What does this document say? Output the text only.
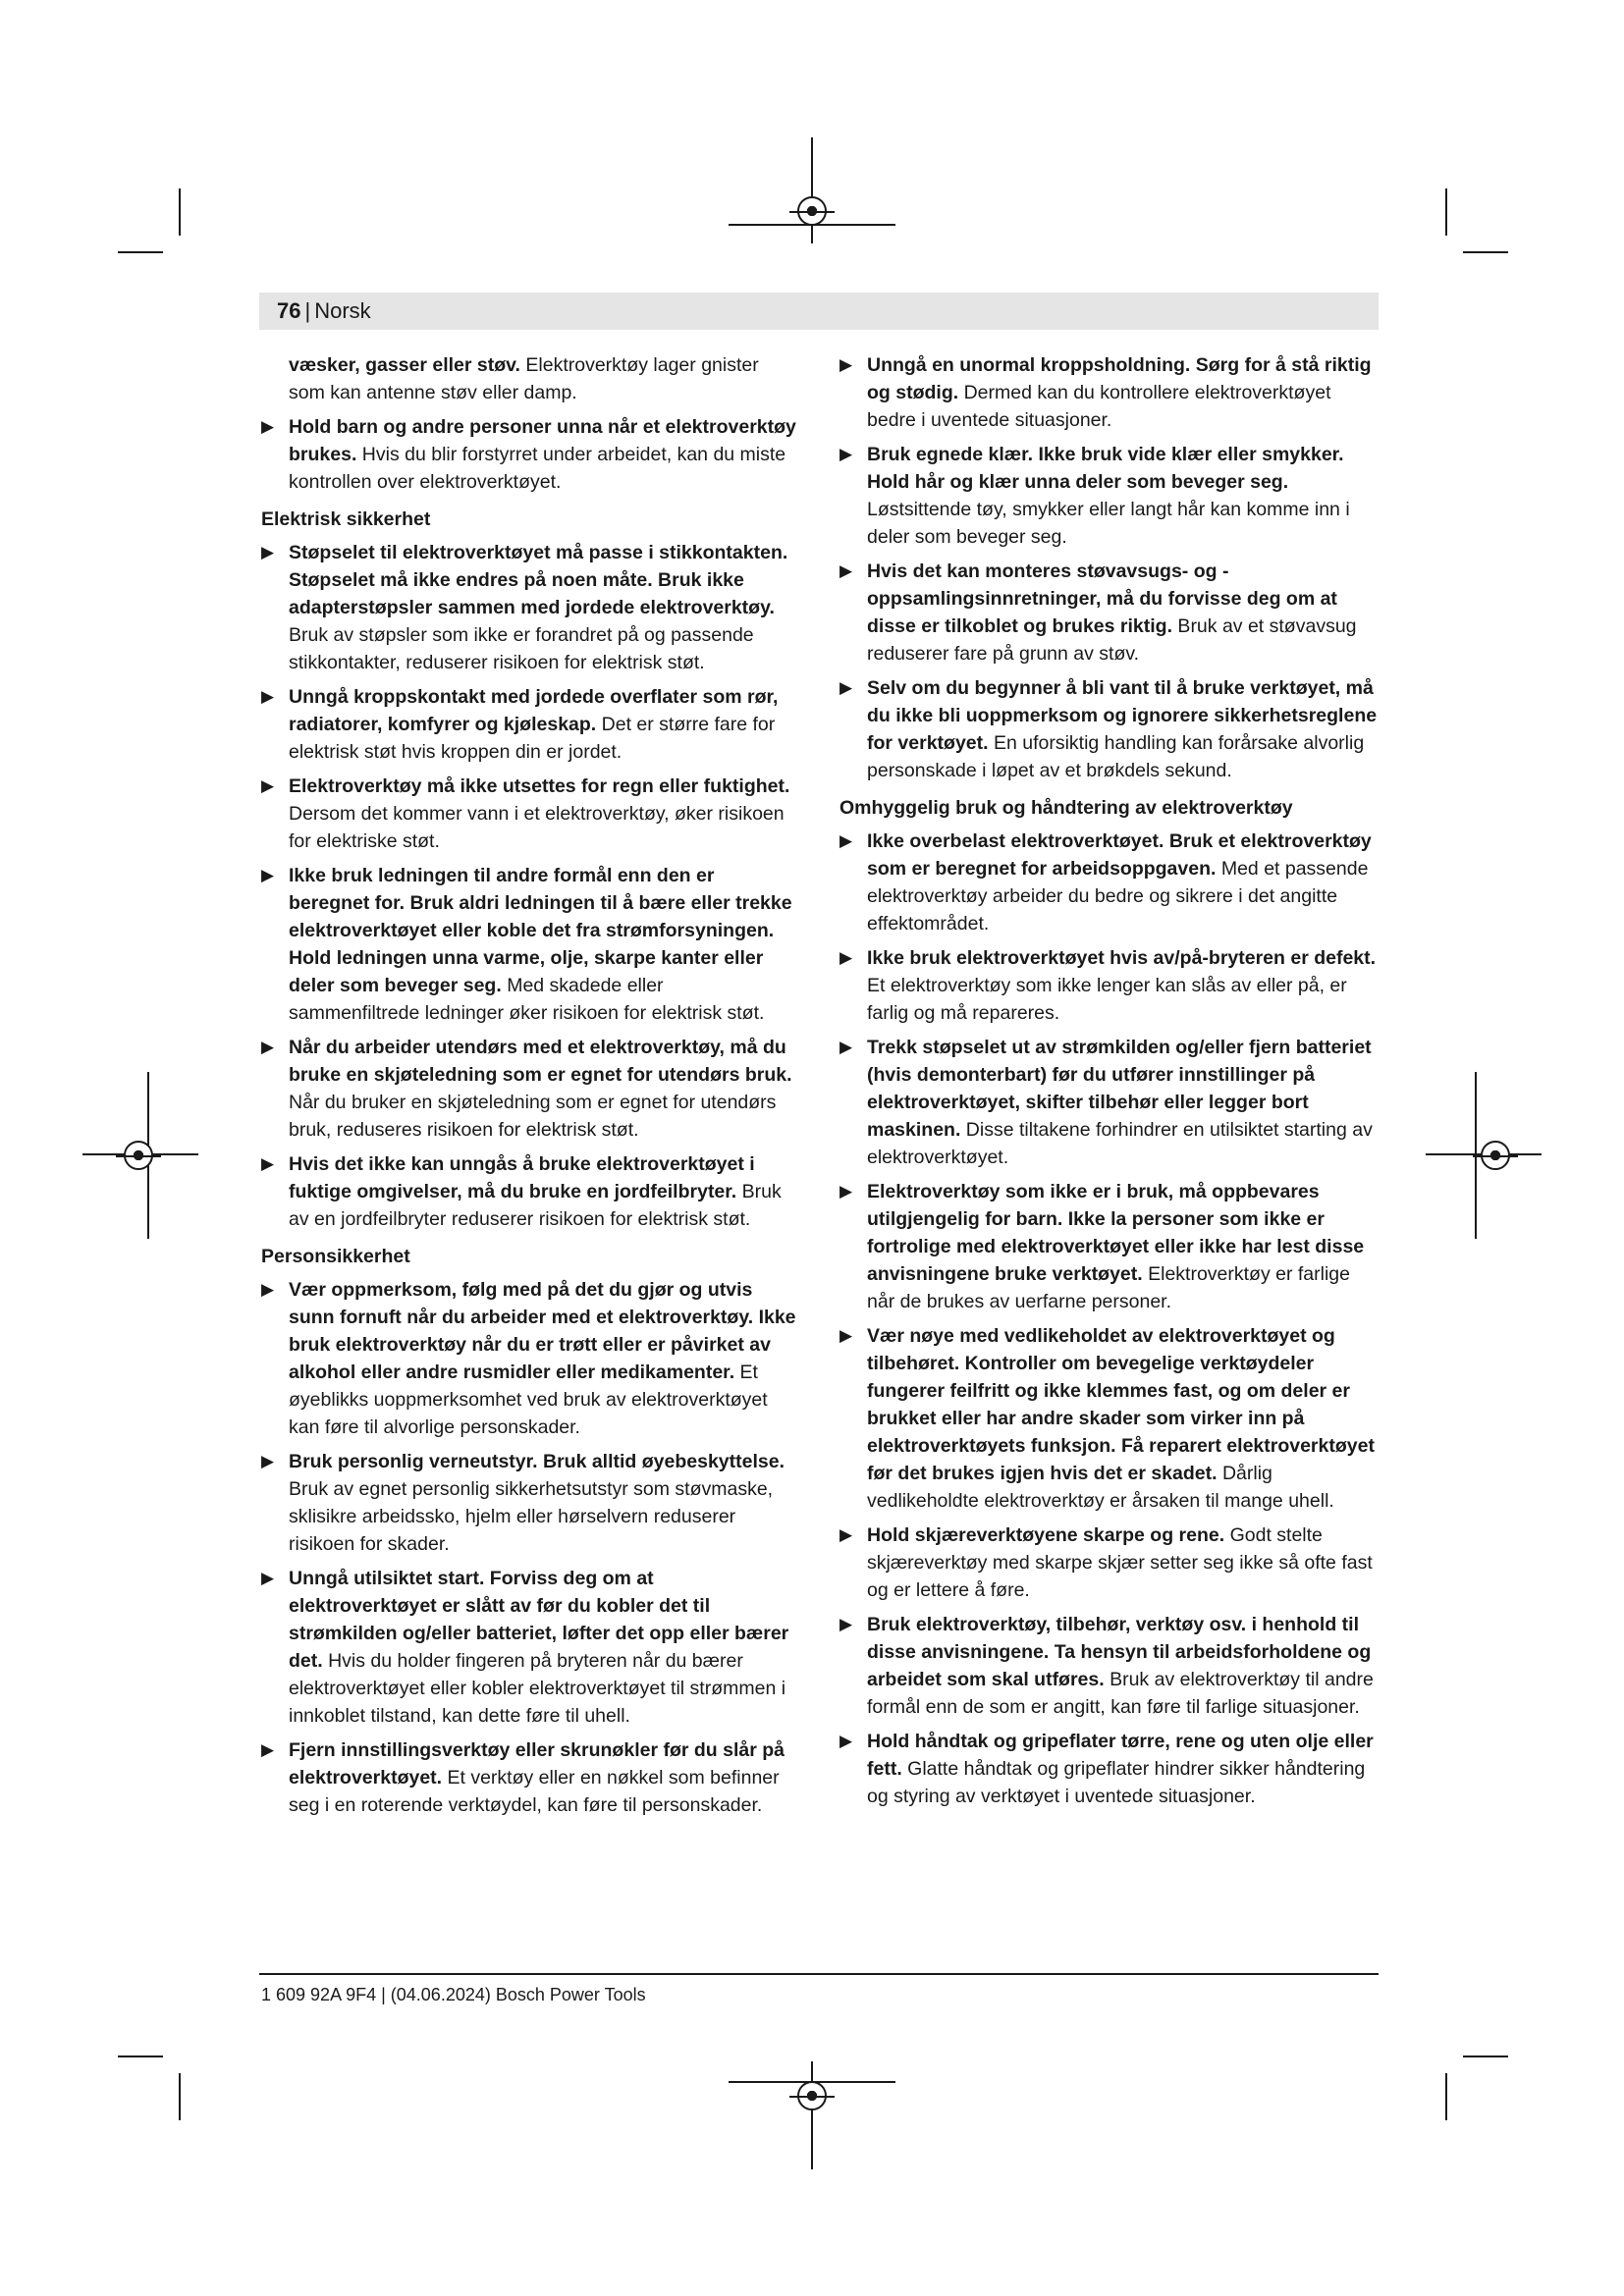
76 | Norsk
væsker, gasser eller støv. Elektroverktøy lager gnister som kan antenne støv eller damp.
▶ Hold barn og andre personer unna når et elektroverktøy brukes. Hvis du blir forstyrret under arbeidet, kan du miste kontrollen over elektroverktøyet.
Elektrisk sikkerhet
▶ Støpselet til elektroverktøyet må passe i stikkontakten. Støpselet må ikke endres på noen måte. Bruk ikke adapterstøpsler sammen med jordede elektroverktøy. Bruk av støpsler som ikke er forandret på og passende stikkontakter, reduserer risikoen for elektrisk støt.
▶ Unngå kroppskontakt med jordede overflater som rør, radiatorer, komfyrer og kjøleskap. Det er større fare for elektrisk støt hvis kroppen din er jordet.
▶ Elektroverktøy må ikke utsettes for regn eller fuktighet. Dersom det kommer vann i et elektroverktøy, øker risikoen for elektriske støt.
▶ Ikke bruk ledningen til andre formål enn den er beregnet for. Bruk aldri ledningen til å bære eller trekke elektroverktøyet eller koble det fra strømforsyningen. Hold ledningen unna varme, olje, skarpe kanter eller deler som beveger seg. Med skadede eller sammenfiltrede ledninger øker risikoen for elektrisk støt.
▶ Når du arbeider utendørs med et elektroverktøy, må du bruke en skjøteledning som er egnet for utendørs bruk. Når du bruker en skjøteledning som er egnet for utendørs bruk, reduseres risikoen for elektrisk støt.
▶ Hvis det ikke kan unngås å bruke elektroverktøyet i fuktige omgivelser, må du bruke en jordfeilbryter. Bruk av en jordfeilbryter reduserer risikoen for elektrisk støt.
Personsikkerhet
▶ Vær oppmerksom, følg med på det du gjør og utvis sunn fornuft når du arbeider med et elektroverktøy. Ikke bruk elektroverktøy når du er trøtt eller er påvirket av alkohol eller andre rusmidler eller medikamenter. Et øyeblikks uoppmerksomhet ved bruk av elektroverktøyet kan føre til alvorlige personskader.
▶ Bruk personlig verneutstyr. Bruk alltid øyebeskyttelse. Bruk av egnet personlig sikkerhetsutstyr som støvmaske, sklisikre arbeidssko, hjelm eller hørselvern reduserer risikoen for skader.
▶ Unngå utilsiktet start. Forviss deg om at elektroverktøyet er slått av før du kobler det til strømkilden og/eller batteriet, løfter det opp eller bærer det. Hvis du holder fingeren på bryteren når du bærer elektroverktøyet eller kobler elektroverktøyet til strømmen i innkoblet tilstand, kan dette føre til uhell.
▶ Fjern innstillingsverktøy eller skrunøkler før du slår på elektroverktøyet. Et verktøy eller en nøkkel som befinner seg i en roterende verktøydel, kan føre til personskader.
▶ Unngå en unormal kroppsholdning. Sørg for å stå riktig og stødig. Dermed kan du kontrollere elektroverktøyet bedre i uventede situasjoner.
▶ Bruk egnede klær. Ikke bruk vide klær eller smykker. Hold hår og klær unna deler som beveger seg. Løstsittende tøy, smykker eller langt hår kan komme inn i deler som beveger seg.
▶ Hvis det kan monteres støvavsugs- og -oppsamlingsinnretninger, må du forvisse deg om at disse er tilkoblet og brukes riktig. Bruk av et støvavsug reduserer fare på grunn av støv.
▶ Selv om du begynner å bli vant til å bruke verktøyet, må du ikke bli uoppmerksom og ignorere sikkerhetsreglene for verktøyet. En uforsiktig handling kan forårsake alvorlig personskade i løpet av et brøkdels sekund.
Omhyggelig bruk og håndtering av elektroverktøy
▶ Ikke overbelast elektroverktøyet. Bruk et elektroverktøy som er beregnet for arbeidsoppgaven. Med et passende elektroverktøy arbeider du bedre og sikrere i det angitte effektområdet.
▶ Ikke bruk elektroverktøyet hvis av/på-bryteren er defekt. Et elektroverktøy som ikke lenger kan slås av eller på, er farlig og må repareres.
▶ Trekk støpselet ut av strømkilden og/eller fjern batteriet (hvis demonterbart) før du utfører innstillinger på elektroverktøyet, skifter tilbehør eller legger bort maskinen. Disse tiltakene forhindrer en utilsiktet starting av elektroverktøyet.
▶ Elektroverktøy som ikke er i bruk, må oppbevares utilgjengelig for barn. Ikke la personer som ikke er fortrolige med elektroverktøyet eller ikke har lest disse anvisningene bruke verktøyet. Elektroverktøy er farlige når de brukes av uerfarne personer.
▶ Vær nøye med vedlikeholdet av elektroverktøyet og tilbehøret. Kontroller om bevegelige verktøydeler fungerer feilfritt og ikke klemmes fast, og om deler er brukket eller har andre skader som virker inn på elektroverktøyets funksjon. Få reparert elektroverktøyet før det brukes igjen hvis det er skadet. Dårlig vedlikeholdte elektroverktøy er årsaken til mange uhell.
▶ Hold skjæreverktøyene skarpe og rene. Godt stelte skjæreverktøy med skarpe skjær setter seg ikke så ofte fast og er lettere å føre.
▶ Bruk elektroverktøy, tilbehør, verktøy osv. i henhold til disse anvisningene. Ta hensyn til arbeidsforholdene og arbeidet som skal utføres. Bruk av elektroverktøy til andre formål enn de som er angitt, kan føre til farlige situasjoner.
▶ Hold håndtak og gripeflater tørre, rene og uten olje eller fett. Glatte håndtak og gripeflater hindrer sikker håndtering og styring av verktøyet i uventede situasjoner.
1 609 92A 9F4 | (04.06.2024) Bosch Power Tools
